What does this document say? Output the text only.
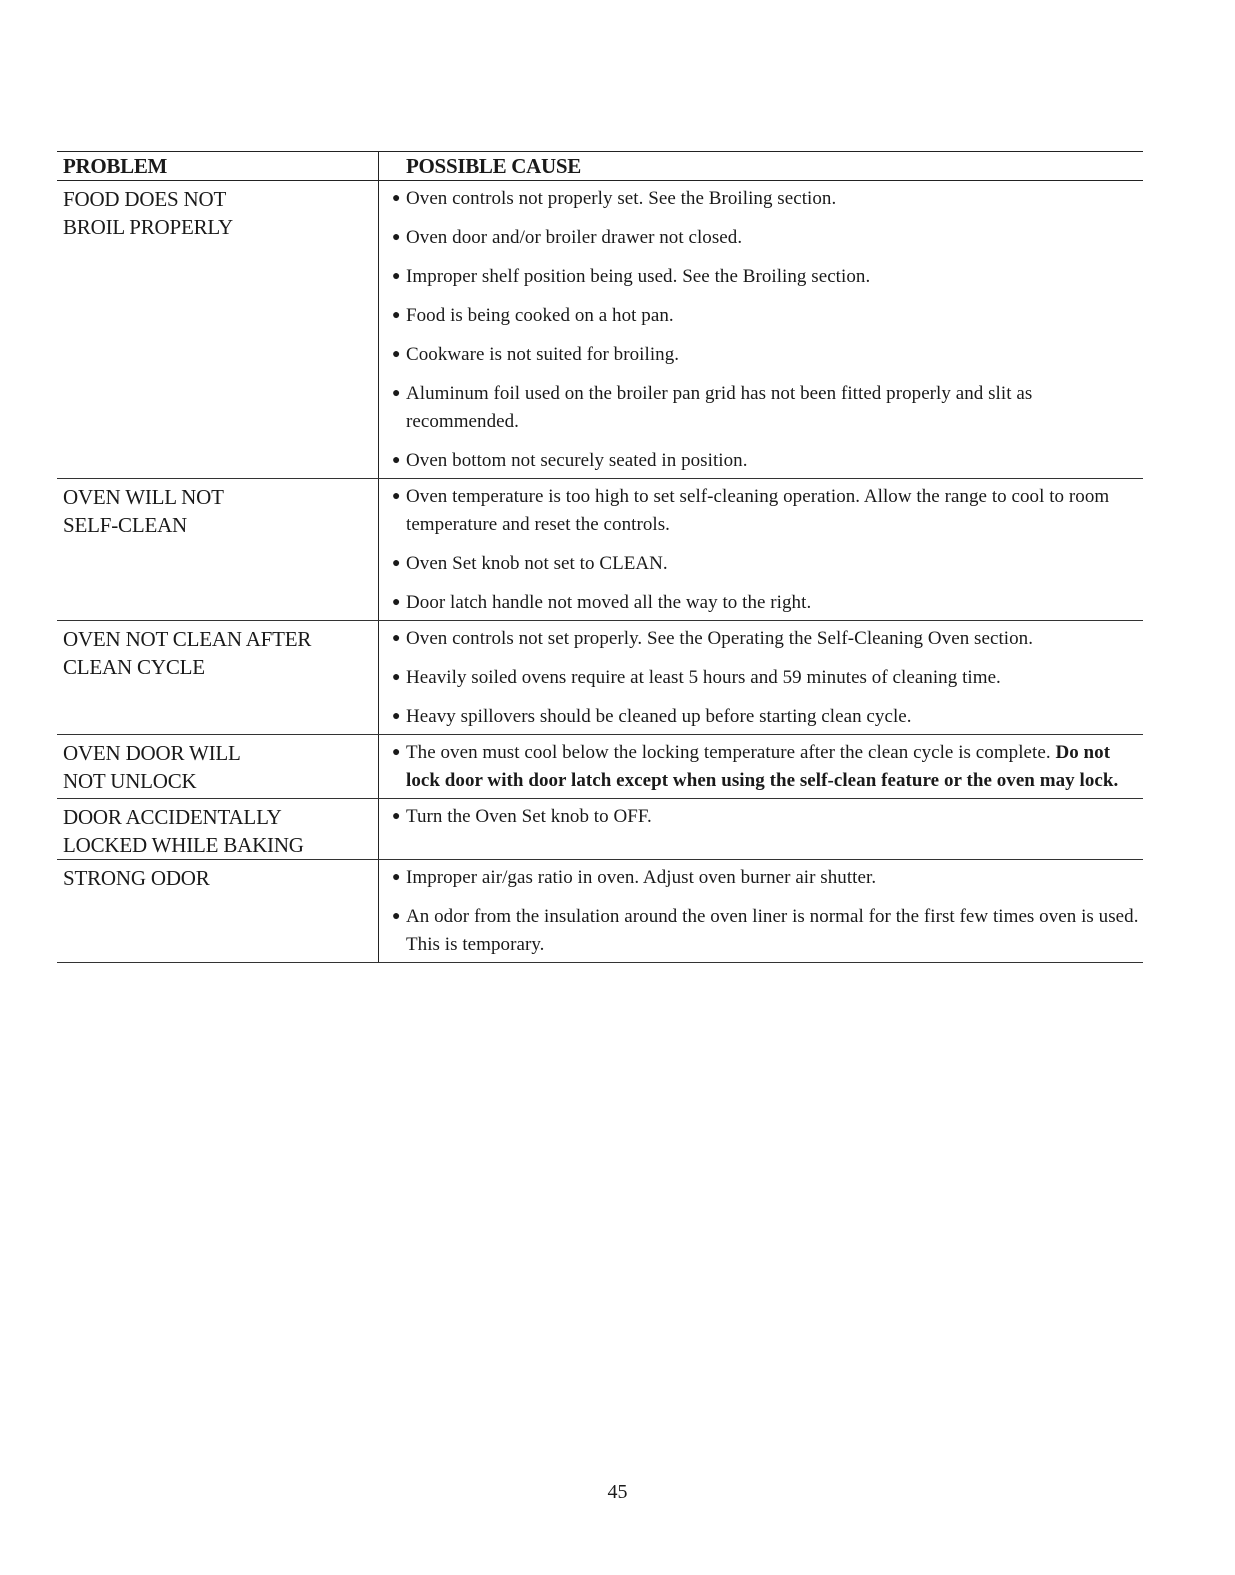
PROBLEM	POSSIBLE CAUSE
FOOD DOES NOT
BROIL PROPERLY
● Oven controls not properly set. See the Broiling section.
● Oven door and/or broiler drawer not closed.
● Improper shelf position being used. See the Broiling section.
● Food is being cooked on a hot pan.
● Cookware is not suited for broiling.
● Aluminum foil used on the broiler pan grid has not been fitted properly and slit as recommended.
● Oven bottom not securely seated in position.
OVEN WILL NOT
SELF-CLEAN
● Oven temperature is too high to set self-cleaning operation. Allow the range to cool to room temperature and reset the controls.
● Oven Set knob not set to CLEAN.
● Door latch handle not moved all the way to the right.
OVEN NOT CLEAN AFTER
CLEAN CYCLE
● Oven controls not set properly. See the Operating the Self-Cleaning Oven section.
● Heavily soiled ovens require at least 5 hours and 59 minutes of cleaning time.
● Heavy spillovers should be cleaned up before starting clean cycle.
OVEN DOOR WILL
NOT UNLOCK
● The oven must cool below the locking temperature after the clean cycle is complete. Do not lock door with door latch except when using the self-clean feature or the oven may lock.
DOOR ACCIDENTALLY
LOCKED WHILE BAKING
● Turn the Oven Set knob to OFF.
STRONG ODOR	● Improper air/gas ratio in oven. Adjust oven burner air shutter.
● An odor from the insulation around the oven liner is normal for the first few times oven is used. This is temporary.
45
